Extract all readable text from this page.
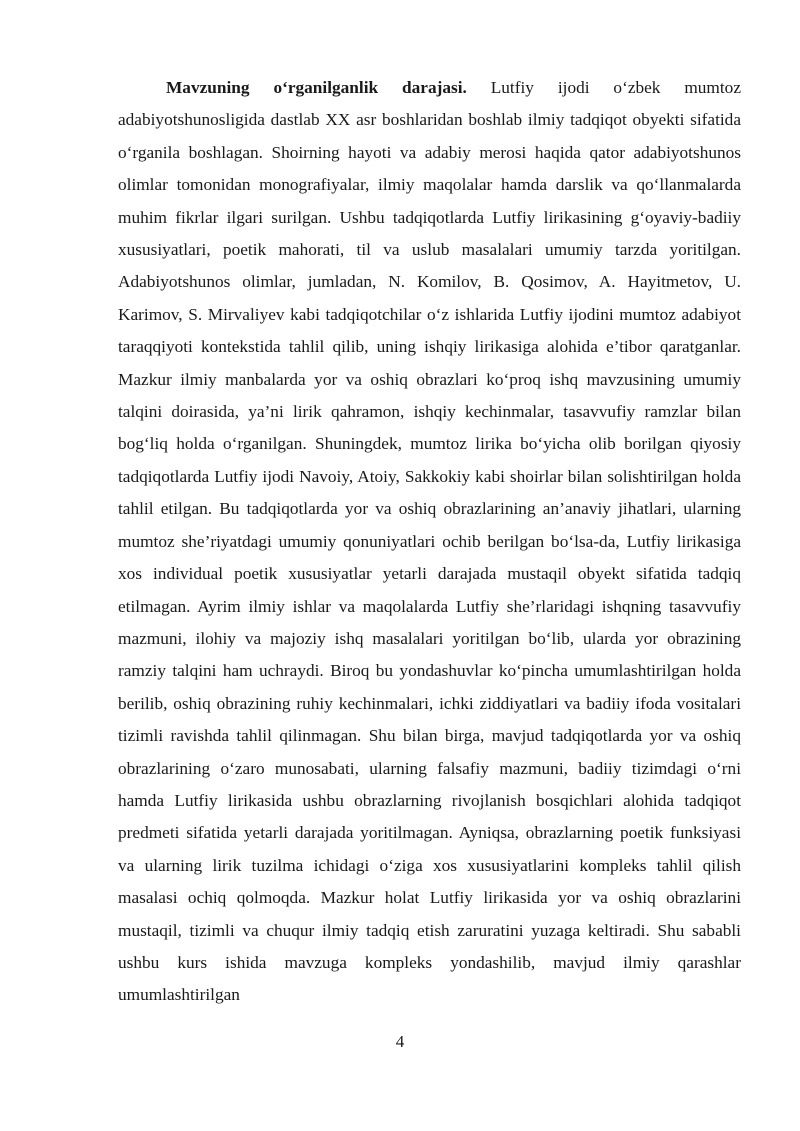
Mavzuning o‘rganilganlik darajasi. Lutfiy ijodi o‘zbek mumtoz adabiyotshunosligida dastlab XX asr boshlaridan boshlab ilmiy tadqiqot obyekti sifatida o‘rganila boshlagan. Shoirning hayoti va adabiy merosi haqida qator adabiyotshunos olimlar tomonidan monografiyalar, ilmiy maqolalar hamda darslik va qo‘llanmalarda muhim fikrlar ilgari surilgan. Ushbu tadqiqotlarda Lutfiy lirikasining g‘oyaviy-badiiy xususiyatlari, poetik mahorati, til va uslub masalalari umumiy tarzda yoritilgan. Adabiyotshunos olimlar, jumladan, N. Komilov, B. Qosimov, A. Hayitmetov, U. Karimov, S. Mirvaliyev kabi tadqiqotchilar o‘z ishlarida Lutfiy ijodini mumtoz adabiyot taraqqiyoti kontekstida tahlil qilib, uning ishqiy lirikasiga alohida e’tibor qaratganlar. Mazkur ilmiy manbalarda yor va oshiq obrazlari ko‘proq ishq mavzusining umumiy talqini doirasida, ya’ni lirik qahramon, ishqiy kechinmalar, tasavvufiy ramzlar bilan bog‘liq holda o‘rganilgan. Shuningdek, mumtoz lirika bo‘yicha olib borilgan qiyosiy tadqiqotlarda Lutfiy ijodi Navoiy, Atoiy, Sakkokiy kabi shoirlar bilan solishtirilgan holda tahlil etilgan. Bu tadqiqotlarda yor va oshiq obrazlarining an’anaviy jihatlari, ularning mumtoz she’riyatdagi umumiy qonuniyatlari ochib berilgan bo‘lsa-da, Lutfiy lirikasiga xos individual poetik xususiyatlar yetarli darajada mustaqil obyekt sifatida tadqiq etilmagan. Ayrim ilmiy ishlar va maqolalarda Lutfiy she’rlaridagi ishqning tasavvufiy mazmuni, ilohiy va majoziy ishq masalalari yoritilgan bo‘lib, ularda yor obrazining ramziy talqini ham uchraydi. Biroq bu yondashuvlar ko‘pincha umumlashtirilgan holda berilib, oshiq obrazining ruhiy kechinmalari, ichki ziddiyatlari va badiiy ifoda vositalari tizimli ravishda tahlil qilinmagan. Shu bilan birga, mavjud tadqiqotlarda yor va oshiq obrazlarining o‘zaro munosabati, ularning falsafiy mazmuni, badiiy tizimdagi o‘rni hamda Lutfiy lirikasida ushbu obrazlarning rivojlanish bosqichlari alohida tadqiqot predmeti sifatida yetarli darajada yoritilmagan. Ayniqsa, obrazlarning poetik funksiyasi va ularning lirik tuzilma ichidagi o‘ziga xos xususiyatlarini kompleks tahlil qilish masalasi ochiq qolmoqda. Mazkur holat Lutfiy lirikasida yor va oshiq obrazlarini mustaqil, tizimli va chuqur ilmiy tadqiq etish zaruratini yuzaga keltiradi. Shu sababli ushbu kurs ishida mavzuga kompleks yondashilib, mavjud ilmiy qarashlar umumlashtirilgan

4
